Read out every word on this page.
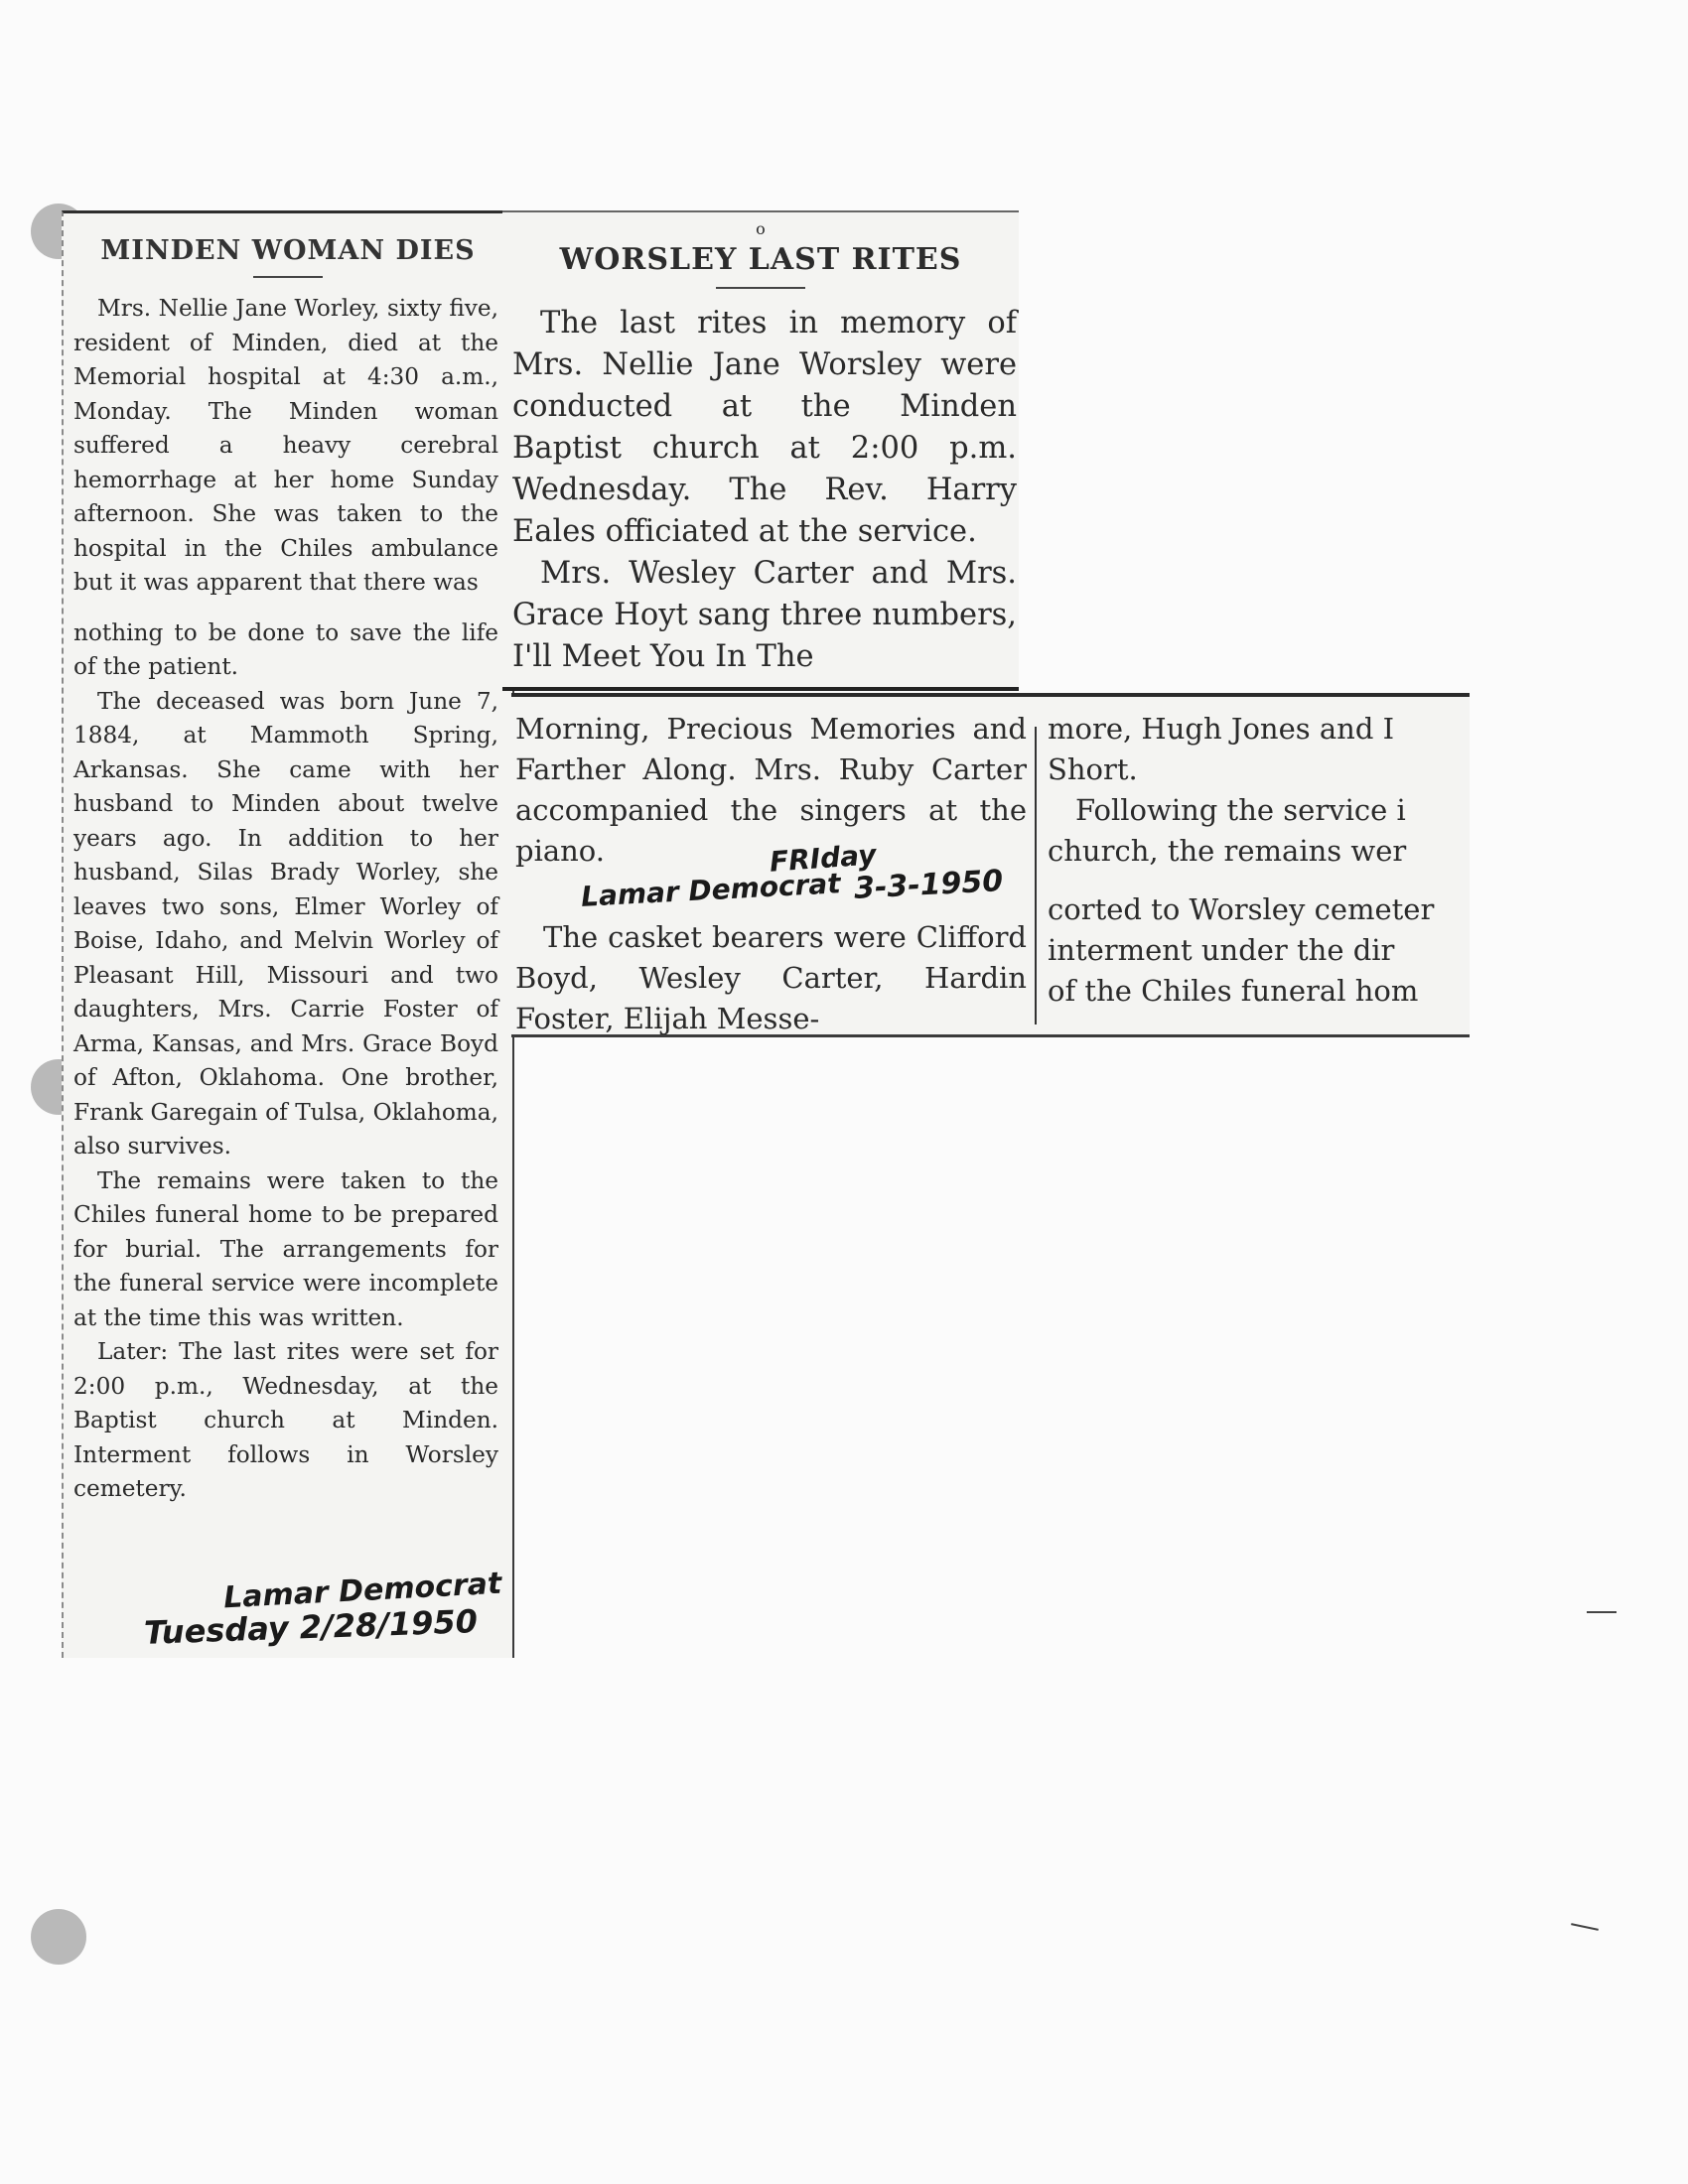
MINDEN WOMAN DIES

Mrs. Nellie Jane Worley, sixty five, resident of Minden, died at the Memorial hospital at 4:30 a.m., Monday. The Minden woman suffered a heavy cerebral hemorrhage at her home Sunday afternoon. She was taken to the hospital in the Chiles ambulance but it was apparent that there was

nothing to be done to save the life of the patient.

The deceased was born June 7, 1884, at Mammoth Spring, Arkansas. She came with her husband to Minden about twelve years ago. In addition to her husband, Silas Brady Worley, she leaves two sons, Elmer Worley of Boise, Idaho, and Melvin Worley of Pleasant Hill, Missouri and two daughters, Mrs. Carrie Foster of Arma, Kansas, and Mrs. Grace Boyd of Afton, Oklahoma. One brother, Frank Garegain of Tulsa, Oklahoma, also survives.

The remains were taken to the Chiles funeral home to be prepared for burial. The arrangements for the funeral service were incomplete at the time this was written.

Later: The last rites were set for 2:00 p.m., Wednesday, at the Baptist church at Minden. Interment follows in Worsley cemetery.

Lamar Democrat
Tuesday 2/28/1950
o
WORSLEY LAST RITES

The last rites in memory of Mrs. Nellie Jane Worsley were conducted at the Minden Baptist church at 2:00 p.m. Wednesday. The Rev. Harry Eales officiated at the service.

Mrs. Wesley Carter and Mrs. Grace Hoyt sang three numbers, I'll Meet You In The

Morning, Precious Memories and Farther Along. Mrs. Ruby Carter accompanied the singers at the piano.

The casket bearers were Clifford Boyd, Wesley Carter, Hardin Foster, Elijah Messe-

more, Hugh Jones and I
Short.
Following the service i
church, the remains wer
corted to Worsley cemeter
interment under the dir
of the Chiles funeral hom
FRIday
Lamar Democrat 3-3-1950
